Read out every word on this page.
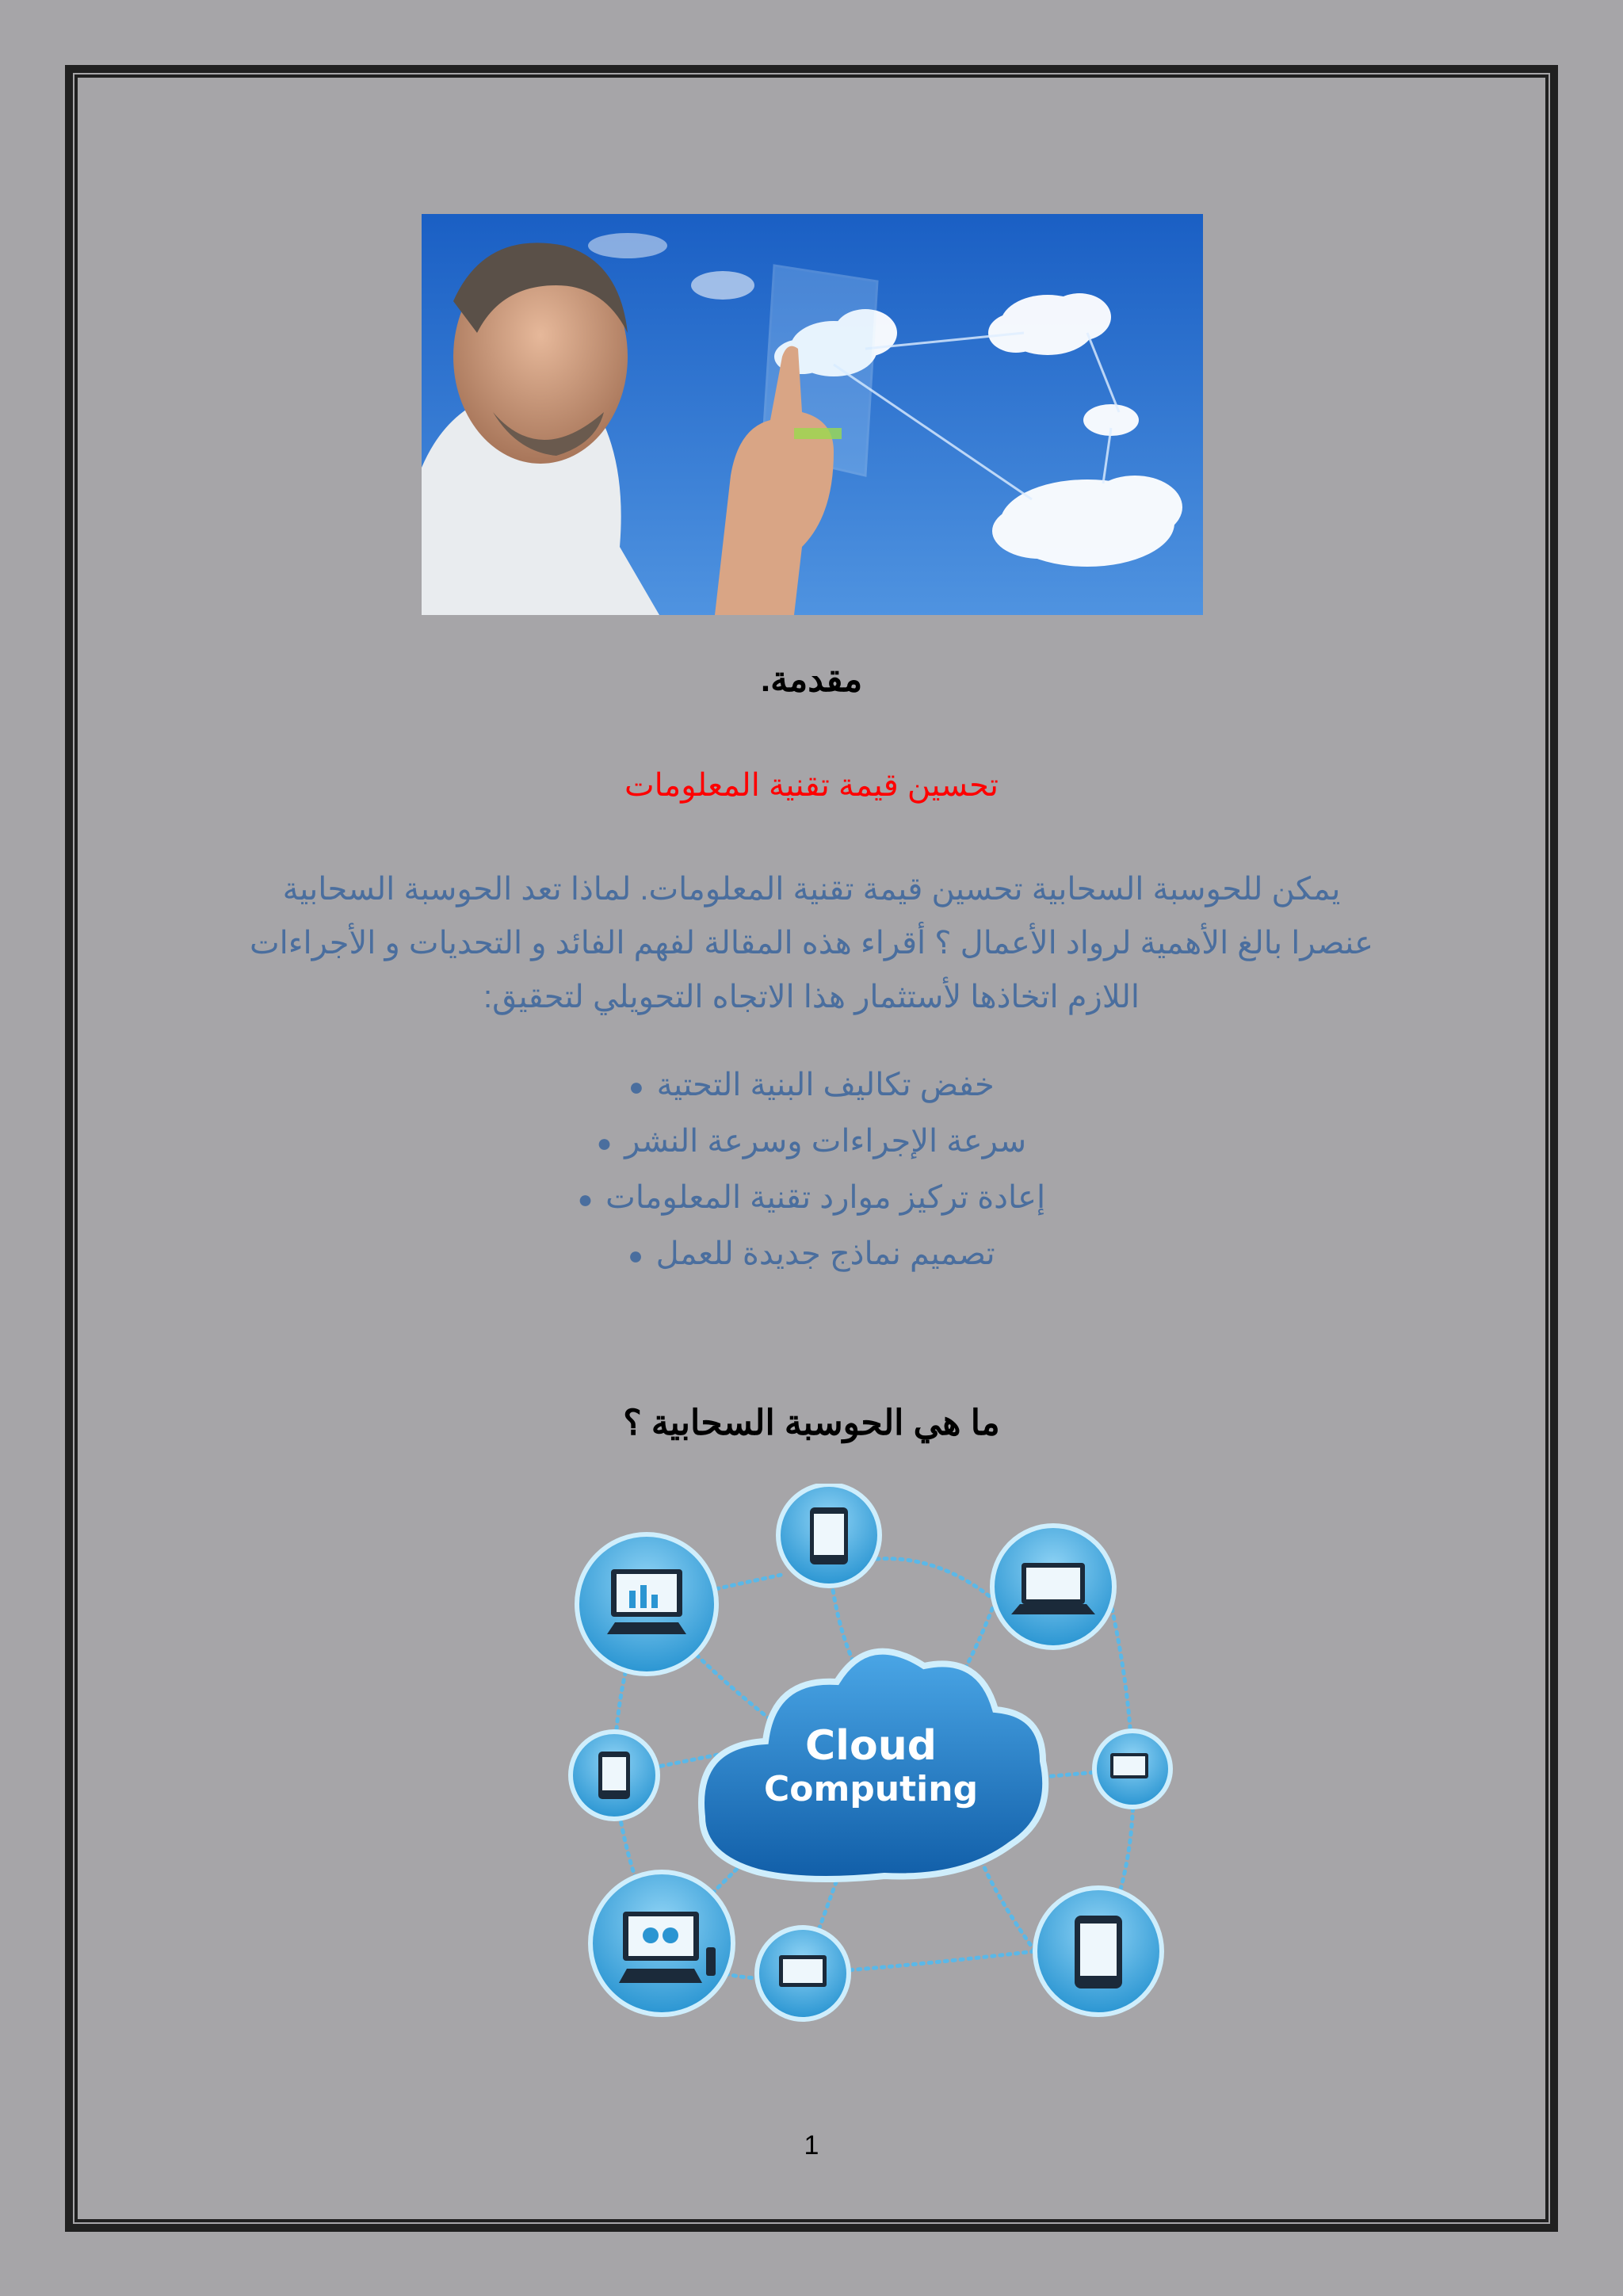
مقدمة.
تحسين قيمة تقنية المعلومات
يمكن للحوسبة السحابية تحسين قيمة تقنية المعلومات. لماذا تعد الحوسبة السحابية عنصرا بالغ الأهمية لرواد الأعمال ؟ أقراء هذه المقالة لفهم الفائد و التحديات و الأجراءات اللازم اتخاذها لأستثمار هذا الاتجاه التحويلي لتحقيق:
خفض تكاليف البنية التحتية●
سرعة الإجراءات وسرعة النشر●
إعادة تركيز موارد تقنية المعلومات●
تصميم نماذج جديدة للعمل●
ما هي الحوسبة السحابية ؟
Cloud
Computing
1
